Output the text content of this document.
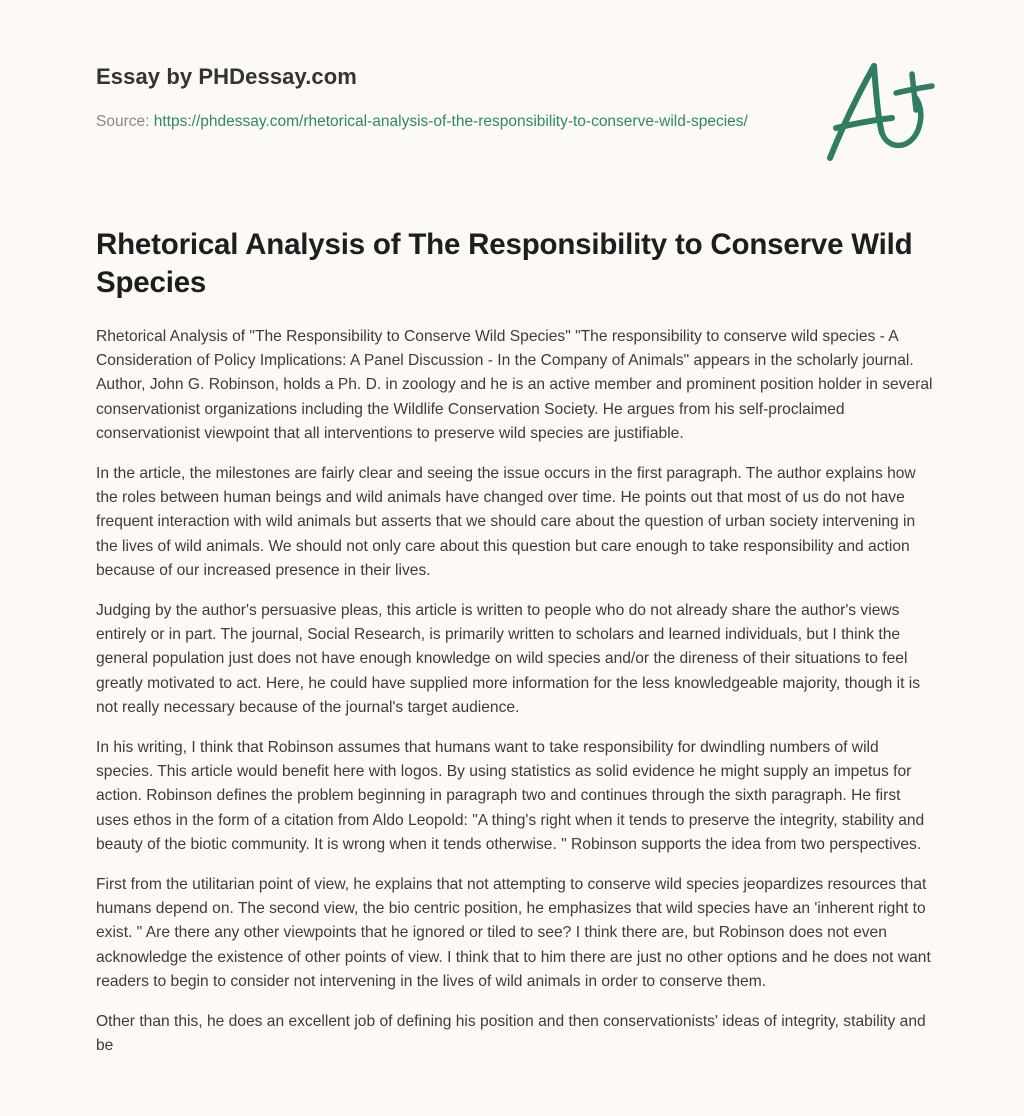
Essay by PHDessay.com
Source: https://phdessay.com/rhetorical-analysis-of-the-responsibility-to-conserve-wild-species/
Rhetorical Analysis of The Responsibility to Conserve Wild Species

Rhetorical Analysis of "The Responsibility to Conserve Wild Species" "The responsibility to conserve wild species - A Consideration of Policy Implications: A Panel Discussion - In the Company of Animals" appears in the scholarly journal. Author, John G. Robinson, holds a Ph. D. in zoology and he is an active member and prominent position holder in several conservationist organizations including the Wildlife Conservation Society. He argues from his self-proclaimed conservationist viewpoint that all interventions to preserve wild species are justifiable.

In the article, the milestones are fairly clear and seeing the issue occurs in the first paragraph. The author explains how the roles between human beings and wild animals have changed over time. He points out that most of us do not have frequent interaction with wild animals but asserts that we should care about the question of urban society intervening in the lives of wild animals. We should not only care about this question but care enough to take responsibility and action because of our increased presence in their lives.

Judging by the author's persuasive pleas, this article is written to people who do not already share the author's views entirely or in part. The journal, Social Research, is primarily written to scholars and learned individuals, but I think the general population just does not have enough knowledge on wild species and/or the direness of their situations to feel greatly motivated to act. Here, he could have supplied more information for the less knowledgeable majority, though it is not really necessary because of the journal's target audience.

In his writing, I think that Robinson assumes that humans want to take responsibility for dwindling numbers of wild species. This article would benefit here with logos. By using statistics as solid evidence he might supply an impetus for action. Robinson defines the problem beginning in paragraph two and continues through the sixth paragraph. He first uses ethos in the form of a citation from Aldo Leopold: "A thing's right when it tends to preserve the integrity, stability and beauty of the biotic community. It is wrong when it tends otherwise. " Robinson supports the idea from two perspectives.

First from the utilitarian point of view, he explains that not attempting to conserve wild species jeopardizes resources that humans depend on. The second view, the bio centric position, he emphasizes that wild species have an 'inherent right to exist. " Are there any other viewpoints that he ignored or tiled to see? I think there are, but Robinson does not even acknowledge the existence of other points of view. I think that to him there are just no other options and he does not want readers to begin to consider not intervening in the lives of wild animals in order to conserve them.

Other than this, he does an excellent job of defining his position and then conservationists' ideas of integrity, stability and be
